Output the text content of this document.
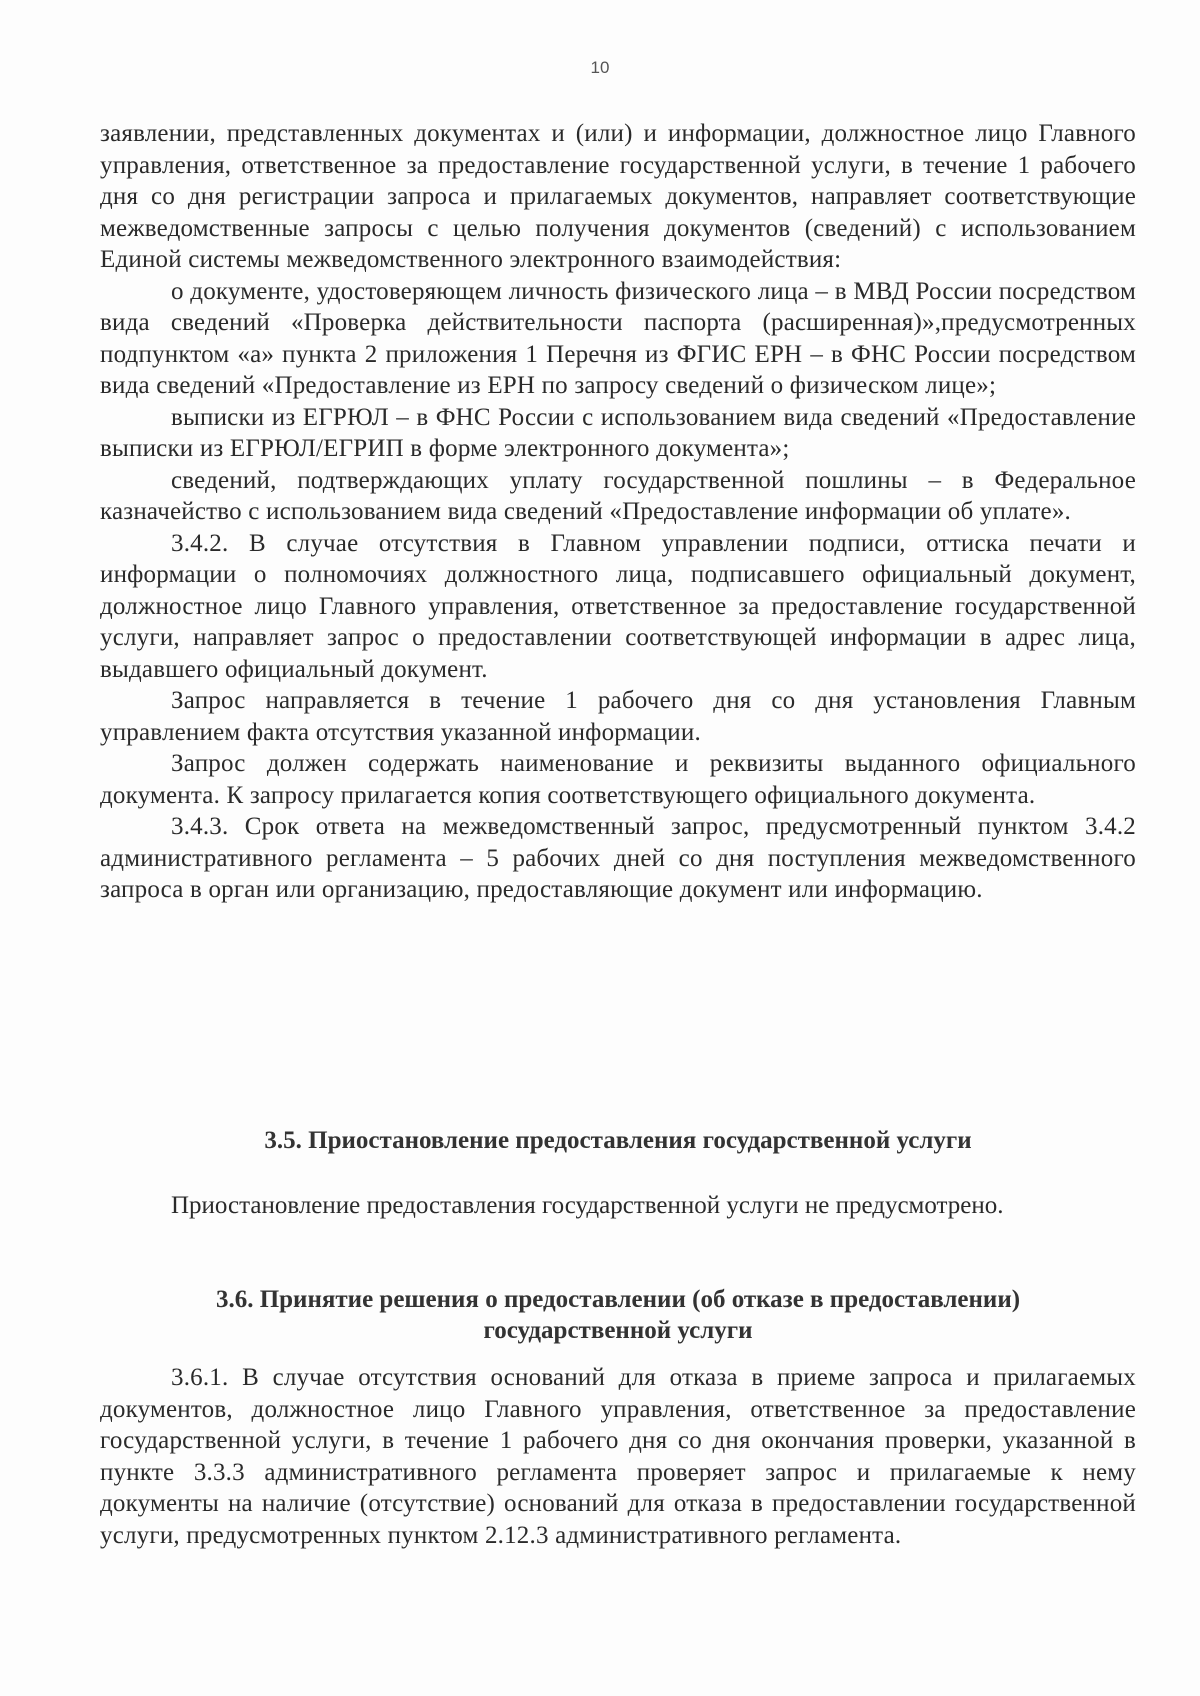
10

заявлении, представленных документах и (или) и информации, должностное лицо Главного управления, ответственное за предоставление государственной услуги, в течение 1 рабочего дня со дня регистрации запроса и прилагаемых документов, направляет соответствующие межведомственные запросы с целью получения документов (сведений) с использованием Единой системы межведомственного электронного взаимодействия:

о документе, удостоверяющем личность физического лица – в МВД России посредством вида сведений «Проверка действительности паспорта (расширенная)»,предусмотренных подпунктом «а» пункта 2 приложения 1 Перечня из ФГИС ЕРН – в ФНС России посредством вида сведений «Предоставление из ЕРН по запросу сведений о физическом лице»;

выписки из ЕГРЮЛ – в ФНС России с использованием вида сведений «Предоставление выписки из ЕГРЮЛ/ЕГРИП в форме электронного документа»;

сведений, подтверждающих уплату государственной пошлины – в Федеральное казначейство с использованием вида сведений «Предоставление информации об уплате».

3.4.2. В случае отсутствия в Главном управлении подписи, оттиска печати и информации о полномочиях должностного лица, подписавшего официальный документ, должностное лицо Главного управления, ответственное за предоставление государственной услуги, направляет запрос о предоставлении соответствующей информации в адрес лица, выдавшего официальный документ.

Запрос направляется в течение 1 рабочего дня со дня установления Главным управлением факта отсутствия указанной информации.

Запрос должен содержать наименование и реквизиты выданного официального документа. К запросу прилагается копия соответствующего официального документа.

3.4.3. Срок ответа на межведомственный запрос, предусмотренный пунктом 3.4.2 административного регламента – 5 рабочих дней со дня поступления межведомственного запроса в орган или организацию, предоставляющие документ или информацию.

3.5. Приостановление предоставления государственной услуги

Приостановление предоставления государственной услуги не предусмотрено.

3.6. Принятие решения о предоставлении (об отказе в предоставлении)
государственной услуги

3.6.1. В случае отсутствия оснований для отказа в приеме запроса и прилагаемых документов, должностное лицо Главного управления, ответственное за предоставление государственной услуги, в течение 1 рабочего дня со дня окончания проверки, указанной в пункте 3.3.3 административного регламента проверяет запрос и прилагаемые к нему документы на наличие (отсутствие) оснований для отказа в предоставлении государственной услуги, предусмотренных пунктом 2.12.3 административного регламента.
